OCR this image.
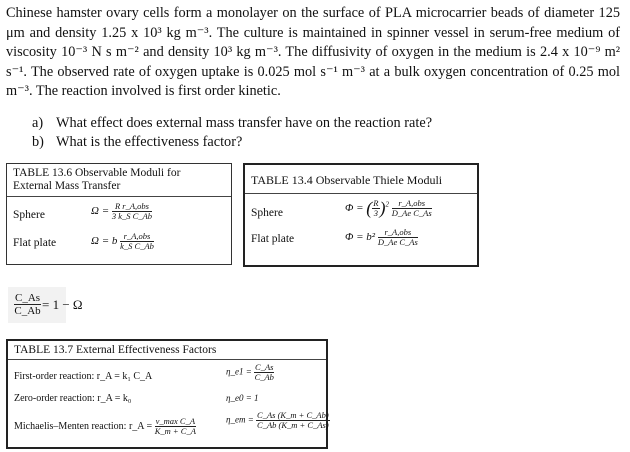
Chinese hamster ovary cells form a monolayer on the surface of PLA microcarrier beads of diameter 125 μm and density 1.25 x 10³ kg m⁻³. The culture is maintained in spinner vessel in serum-free medium of viscosity 10⁻³ N s m⁻² and density 10³ kg m⁻³. The diffusivity of oxygen in the medium is 2.4 x 10⁻⁹ m² s⁻¹. The observed rate of oxygen uptake is 0.025 mol s⁻¹ m⁻³ at a bulk oxygen concentration of 0.25 mol m⁻³. The reaction involved is first order kinetic.

a) What effect does external mass transfer have on the reaction rate?
b) What is the effectiveness factor?
TABLE 13.6 Observable Moduli for
External Mass Transfer
Sphere	$\Omega = \frac{\text{R r\_A,obs}}{\text{3 k\_S C\_Ab}}$
Flat plate	Ω = b $\frac{\text{r\_A,obs}}{\text{k\_S C\_Ab}}$
TABLE 13.4 Observable Thiele Moduli
Sphere	Φ = ( $\frac{R}{3} )^2 \frac{\text{r\_A,obs}}{\text{D\_Ae C\_As}}$
Flat plate	$\Phi = b^2 \frac{\text{r\_A,obs}}{\text{D\_Ae C\_As}}$
$\frac{C\_As}{C\_Ab} = 1 - \Omega$
TABLE 13.7 External Effectiveness Factors
First-order reaction: r_A = k₁ C_A	η_e1 = $\frac{C\_As}{C\_Ab}$
Zero-order reaction: r_A = k₀	η_e0 = 1
Michaelis–Menten reaction: r_A = $\frac{\text{v\_max C\_A}}{K\_m + C\_A}$	η_em = $\frac{C\_As (K\_m + C\_Ab)}{C\_Ab (K\_m + C\_As)}$
